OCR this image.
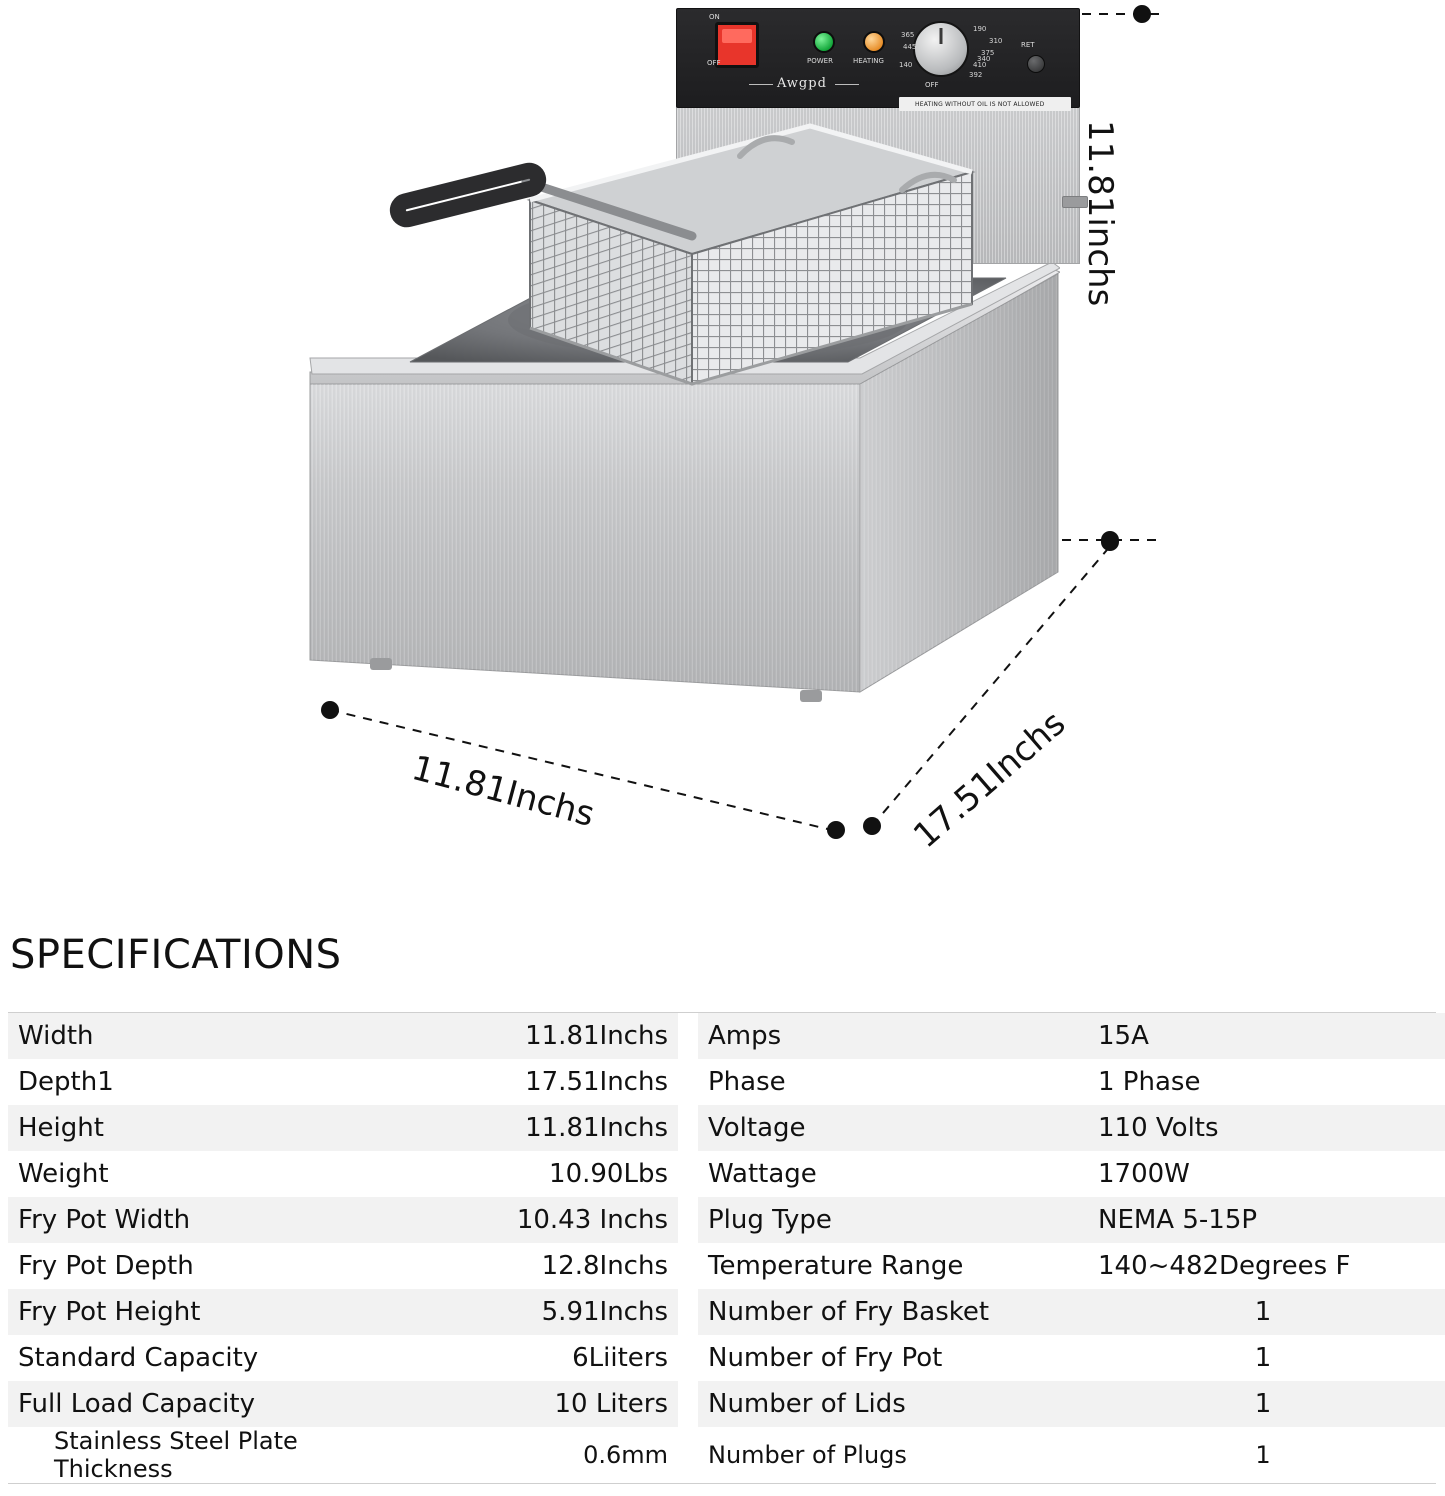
ON
OFF	POWER	HEATING
OFF
190
310
375
410
445
340
392
140
365
RET
Awgpd
HEATING WITHOUT OIL IS NOT ALLOWED
11.81inchs
11.81Inchs	17.51Inchs
SPECIFICATIONS
Width	11.81Inchs		Amps	15A
Depth1	17.51Inchs		Phase	1 Phase
Height	11.81Inchs		Voltage	110 Volts
Weight	10.90Lbs		Wattage	1700W
Fry Pot Width	10.43 Inchs		Plug Type	NEMA 5-15P
Fry Pot Depth	12.8Inchs		Temperature Range	140~482Degrees F
Fry Pot Height	5.91Inchs		Number of Fry Basket	1
Standard Capacity	6Liiters		Number of Fry Pot	1
Full Load Capacity	10 Liters		Number of Lids	1
Stainless Steel Plate Thickness	0.6mm		Number of Plugs	1
